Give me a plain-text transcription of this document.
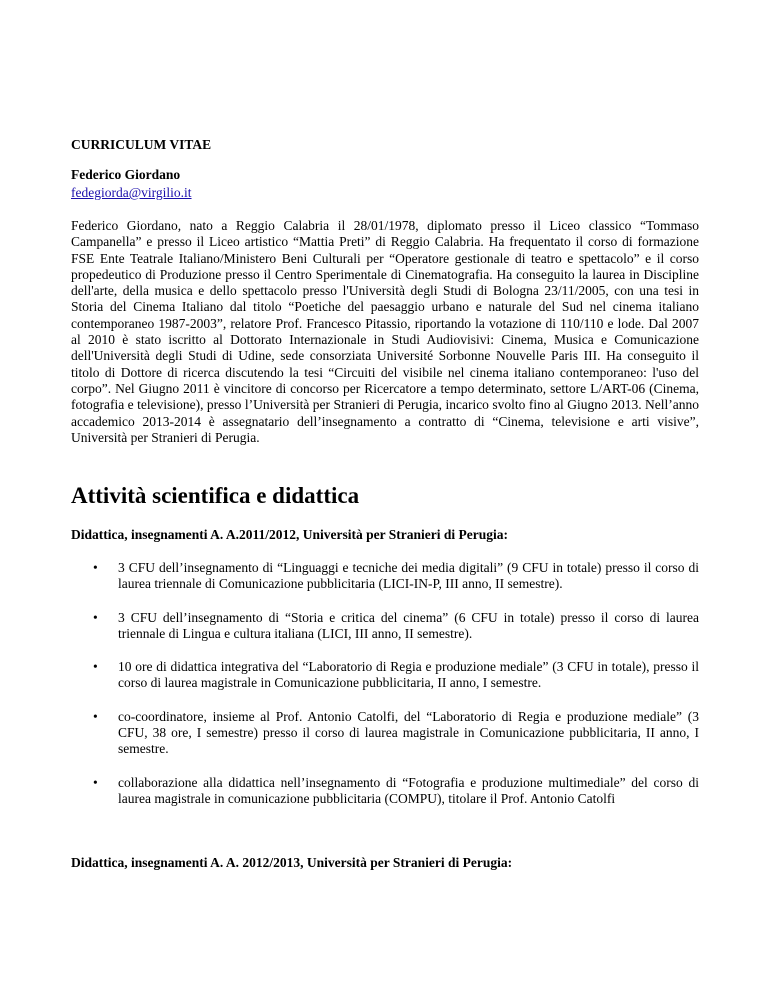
CURRICULUM VITAE
Federico Giordano
fedegiorda@virgilio.it
Federico Giordano, nato a Reggio Calabria il 28/01/1978, diplomato presso il Liceo classico “Tommaso Campanella” e presso il Liceo artistico “Mattia Preti” di Reggio Calabria. Ha frequentato il corso di formazione FSE Ente Teatrale Italiano/Ministero Beni Culturali per “Operatore gestionale di teatro e spettacolo” e il corso propedeutico di Produzione presso il Centro Sperimentale di Cinematografia. Ha conseguito la laurea in Discipline dell'arte, della musica e dello spettacolo presso l'Università degli Studi di Bologna 23/11/2005, con una tesi in Storia del Cinema Italiano dal titolo “Poetiche del paesaggio urbano e naturale del Sud nel cinema italiano contemporaneo 1987-2003”, relatore Prof. Francesco Pitassio, riportando la votazione di 110/110 e lode. Dal 2007 al 2010 è stato iscritto al Dottorato Internazionale in Studi Audiovisivi: Cinema, Musica e Comunicazione dell'Università degli Studi di Udine, sede consorziata Université Sorbonne Nouvelle Paris III. Ha conseguito il titolo di Dottore di ricerca discutendo la tesi “Circuiti del visibile nel cinema italiano contemporaneo: l'uso del corpo”. Nel Giugno 2011 è vincitore di concorso per Ricercatore a tempo determinato, settore L/ART-06 (Cinema, fotografia e televisione), presso l’Università per Stranieri di Perugia, incarico svolto fino al Giugno 2013. Nell’anno accademico 2013-2014 è assegnatario dell’insegnamento a contratto di “Cinema, televisione e arti visive”, Università per Stranieri di Perugia.
Attività scientifica e didattica
Didattica, insegnamenti A. A.2011/2012, Università per Stranieri di Perugia:
• 3 CFU dell’insegnamento di “Linguaggi e tecniche dei media digitali” (9 CFU in totale) presso il corso di laurea triennale di Comunicazione pubblicitaria (LICI-IN-P, III anno, II semestre).
• 3 CFU dell’insegnamento di “Storia e critica del cinema” (6 CFU in totale) presso il corso di laurea triennale di Lingua e cultura italiana (LICI, III anno, II semestre).
• 10 ore di didattica integrativa del “Laboratorio di Regia e produzione mediale” (3 CFU in totale), presso il corso di laurea magistrale in Comunicazione pubblicitaria, II anno, I semestre.
• co-coordinatore, insieme al Prof. Antonio Catolfi, del “Laboratorio di Regia e produzione mediale” (3 CFU, 38 ore, I semestre) presso il corso di laurea magistrale in Comunicazione pubblicitaria, II anno, I semestre.
• collaborazione alla didattica nell’insegnamento di “Fotografia e produzione multimediale” del corso di laurea magistrale in comunicazione pubblicitaria (COMPU), titolare il Prof. Antonio Catolfi
Didattica, insegnamenti A. A. 2012/2013, Università per Stranieri di Perugia:
